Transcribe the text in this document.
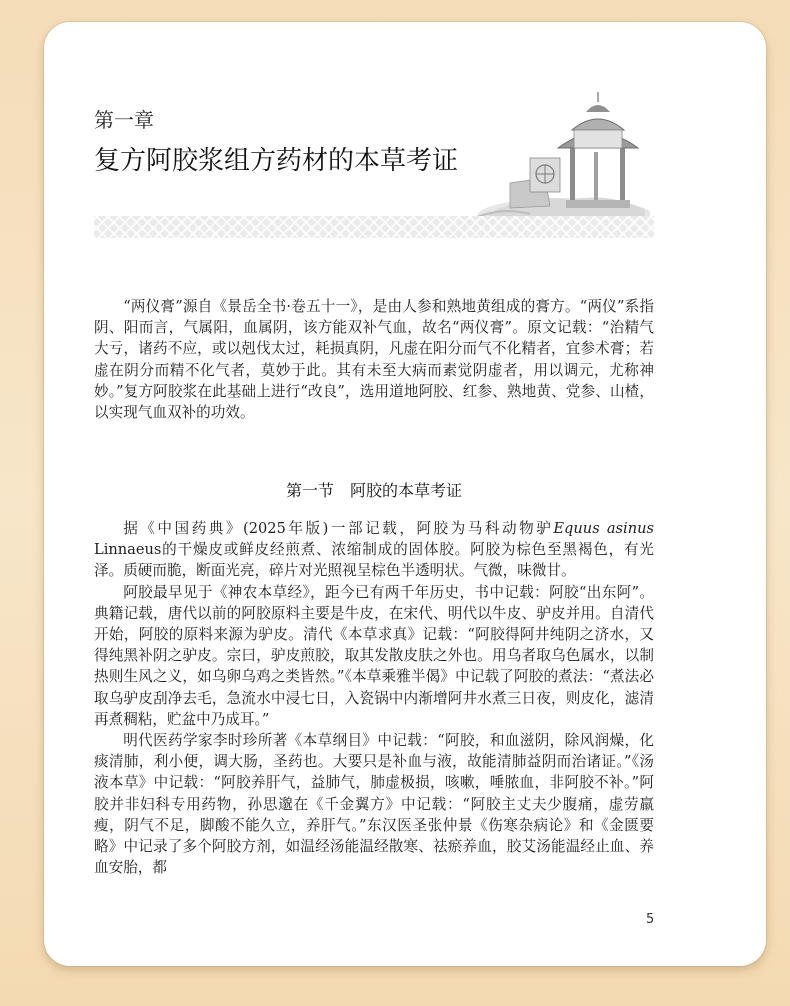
第一章
复方阿胶浆组方药材的本草考证

“两仪膏”源自《景岳全书·卷五十一》，是由人参和熟地黄组成的膏方。“两仪”系指阴、阳而言，气属阳，血属阴，该方能双补气血，故名“两仪膏”。原文记载：“治精气大亏，诸药不应，或以剋伐太过，耗损真阴，凡虚在阳分而气不化精者，宜参术膏；若虚在阴分而精不化气者，莫妙于此。其有未至大病而素觉阴虚者，用以调元，尤称神妙。”复方阿胶浆在此基础上进行“改良”，选用道地阿胶、红参、熟地黄、党参、山楂，以实现气血双补的功效。

第一节　阿胶的本草考证

据《中国药典》(2025年版)一部记载，阿胶为马科动物驴Equus asinus Linnaeus的干燥皮或鲜皮经煎煮、浓缩制成的固体胶。阿胶为棕色至黑褐色，有光泽。质硬而脆，断面光亮，碎片对光照视呈棕色半透明状。气微，味微甘。

阿胶最早见于《神农本草经》，距今已有两千年历史，书中记载：阿胶“出东阿”。典籍记载，唐代以前的阿胶原料主要是牛皮，在宋代、明代以牛皮、驴皮并用。自清代开始，阿胶的原料来源为驴皮。清代《本草求真》记载：“阿胶得阿井纯阴之济水，又得纯黑补阴之驴皮。宗曰，驴皮煎胶，取其发散皮肤之外也。用乌者取乌色属水，以制热则生风之义，如乌卵乌鸡之类皆然。”《本草乘雅半偈》中记载了阿胶的煮法：“煮法必取乌驴皮刮净去毛，急流水中浸七日，入瓷锅中内渐增阿井水煮三日夜，则皮化，滤清再煮稠粘，贮盆中乃成耳。”

明代医药学家李时珍所著《本草纲目》中记载：“阿胶，和血滋阴，除风润燥，化痰清肺，利小便，调大肠，圣药也。大要只是补血与液，故能清肺益阴而治诸证。”《汤液本草》中记载：“阿胶养肝气，益肺气，肺虚极损，咳嗽，唾脓血，非阿胶不补。”阿胶并非妇科专用药物，孙思邈在《千金翼方》中记载：“阿胶主丈夫少腹痛，虚劳羸瘦，阴气不足，脚酸不能久立，养肝气。”东汉医圣张仲景《伤寒杂病论》和《金匮要略》中记录了多个阿胶方剂，如温经汤能温经散寒、祛瘀养血，胶艾汤能温经止血、养血安胎，都

5
